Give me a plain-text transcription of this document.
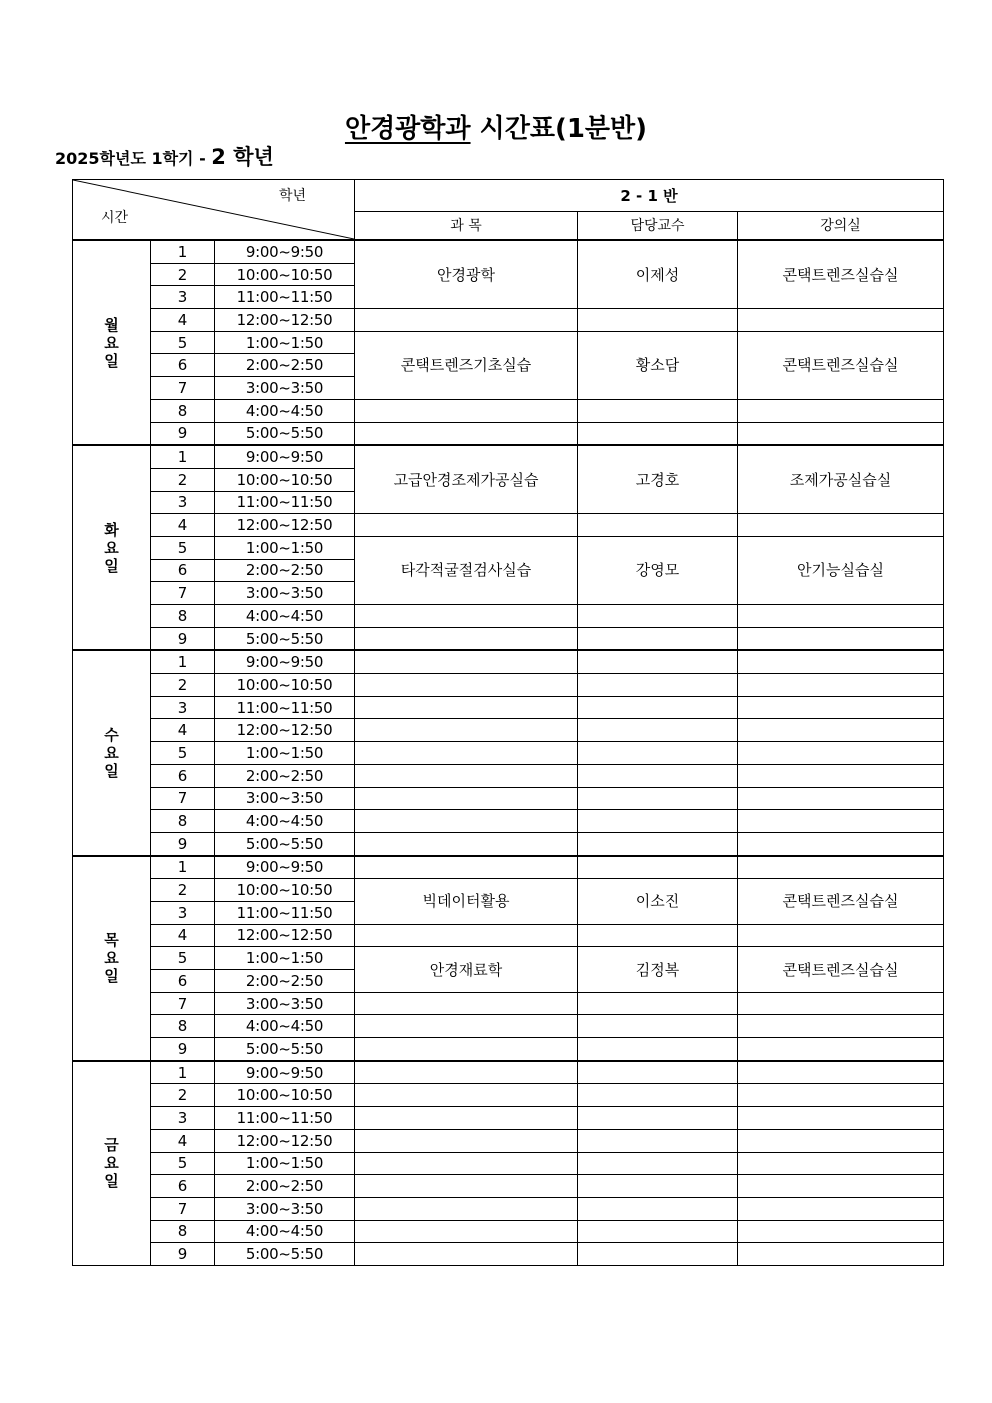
안경광학과 시간표(1분반)
2025학년도 1학기 - 2 학년
학년
시간			2 - 1 반		
			과 목	담당교수	강의실

월
요
일	1	9:00~9:50	안경광학	이제성	콘택트렌즈실습실
	2	10:00~10:50			
	3	11:00~11:50			
	4	12:00~12:50			
	5	1:00~1:50	콘택트렌즈기초실습	황소담	콘택트렌즈실습실
	6	2:00~2:50			
	7	3:00~3:50			
	8	4:00~4:50			
	9	5:00~5:50			

화
요
일	1	9:00~9:50	고급안경조제가공실습	고경호	조제가공실습실
	2	10:00~10:50			
	3	11:00~11:50			
	4	12:00~12:50			
	5	1:00~1:50	타각적굴절검사실습	강영모	안기능실습실
	6	2:00~2:50			
	7	3:00~3:50			
	8	4:00~4:50			
	9	5:00~5:50			

수
요
일	1	9:00~9:50			
	2	10:00~10:50			
	3	11:00~11:50			
	4	12:00~12:50			
	5	1:00~1:50			
	6	2:00~2:50			
	7	3:00~3:50			
	8	4:00~4:50			
	9	5:00~5:50			

목
요
일	1	9:00~9:50			
	2	10:00~10:50	빅데이터활용	이소진	콘택트렌즈실습실
	3	11:00~11:50			
	4	12:00~12:50			
	5	1:00~1:50	안경재료학	김정복	콘택트렌즈실습실
	6	2:00~2:50			
	7	3:00~3:50			
	8	4:00~4:50			
	9	5:00~5:50			

금
요
일	1	9:00~9:50			
	2	10:00~10:50			
	3	11:00~11:50			
	4	12:00~12:50			
	5	1:00~1:50			
	6	2:00~2:50			
	7	3:00~3:50			
	8	4:00~4:50			
	9	5:00~5:50			
